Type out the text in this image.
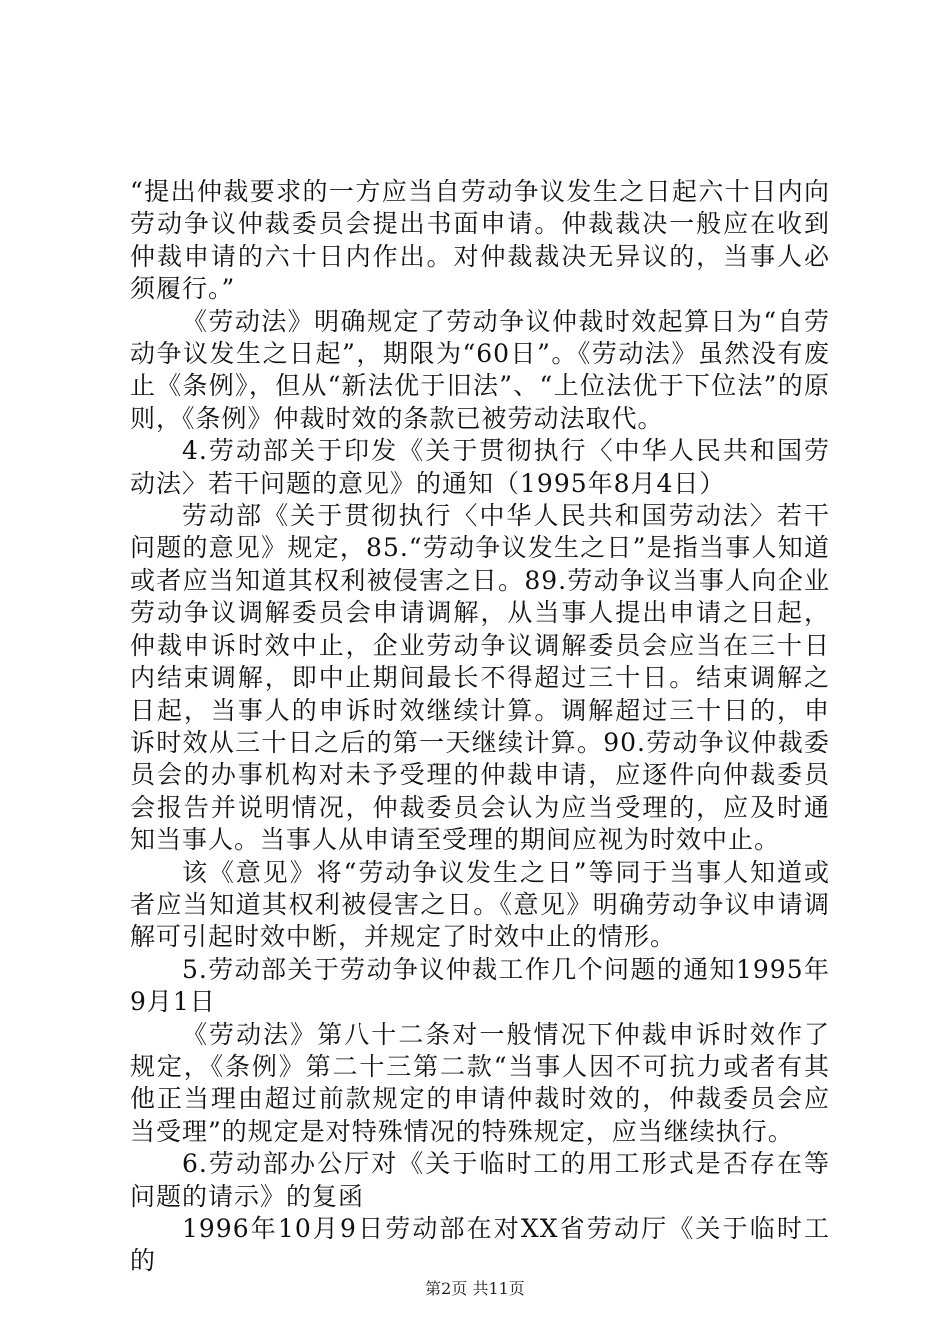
“提出仲裁要求的一方应当自劳动争议发生之日起六十日内向劳动争议仲裁委员会提出书面申请。仲裁裁决一般应在收到仲裁申请的六十日内作出。对仲裁裁决无异议的，当事人必须履行。”

《劳动法》明确规定了劳动争议仲裁时效起算日为“自劳动争议发生之日起”，期限为“60日”。《劳动法》虽然没有废止《条例》，但从“新法优于旧法”、“上位法优于下位法”的原则，《条例》仲裁时效的条款已被劳动法取代。

4.劳动部关于印发《关于贯彻执行〈中华人民共和国劳动法〉若干问题的意见》的通知（1995年8月4日）

劳动部《关于贯彻执行〈中华人民共和国劳动法〉若干问题的意见》规定，85.“劳动争议发生之日”是指当事人知道或者应当知道其权利被侵害之日。89.劳动争议当事人向企业劳动争议调解委员会申请调解，从当事人提出申请之日起，仲裁申诉时效中止，企业劳动争议调解委员会应当在三十日内结束调解，即中止期间最长不得超过三十日。结束调解之日起，当事人的申诉时效继续计算。调解超过三十日的，申诉时效从三十日之后的第一天继续计算。90.劳动争议仲裁委员会的办事机构对未予受理的仲裁申请，应逐件向仲裁委员会报告并说明情况，仲裁委员会认为应当受理的，应及时通知当事人。当事人从申请至受理的期间应视为时效中止。

该《意见》将“劳动争议发生之日”等同于当事人知道或者应当知道其权利被侵害之日。《意见》明确劳动争议申请调解可引起时效中断，并规定了时效中止的情形。

5.劳动部关于劳动争议仲裁工作几个问题的通知1995年9月1日

《劳动法》第八十二条对一般情况下仲裁申诉时效作了规定，《条例》第二十三第二款“当事人因不可抗力或者有其他正当理由超过前款规定的申请仲裁时效的，仲裁委员会应当受理”的规定是对特殊情况的特殊规定，应当继续执行。

6.劳动部办公厅对《关于临时工的用工形式是否存在等问题的请示》的复函

1996年10月9日劳动部在对XX省劳动厅《关于临时工的

第2页 共11页
